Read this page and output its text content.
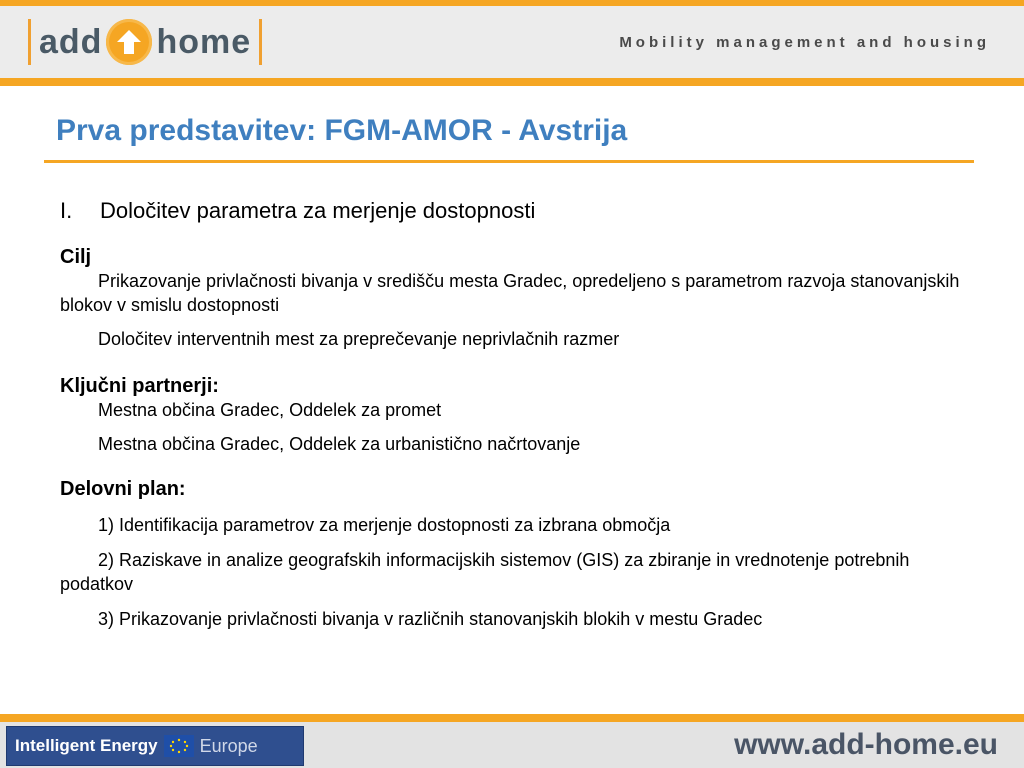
add home	Mobility management and housing
Prva predstavitev: FGM-AMOR - Avstrija
I.	Določitev parametra za merjenje dostopnosti

Cilj

Prikazovanje privlačnosti bivanja v središču mesta Gradec, opredeljeno s parametrom razvoja stanovanjskih blokov v smislu dostopnosti

Določitev interventnih mest za preprečevanje neprivlačnih razmer

Ključni partnerji:

Mestna občina Gradec, Oddelek za promet

Mestna občina Gradec, Oddelek za urbanistično načrtovanje

Delovni plan:

1) Identifikacija parametrov za merjenje dostopnosti za izbrana območja

2) Raziskave in analize geografskih informacijskih sistemov (GIS) za zbiranje in vrednotenje potrebnih podatkov

3) Prikazovanje privlačnosti bivanja v različnih stanovanjskih blokih v mestu Gradec

Intelligent Energy Europe	www.add-home.eu
